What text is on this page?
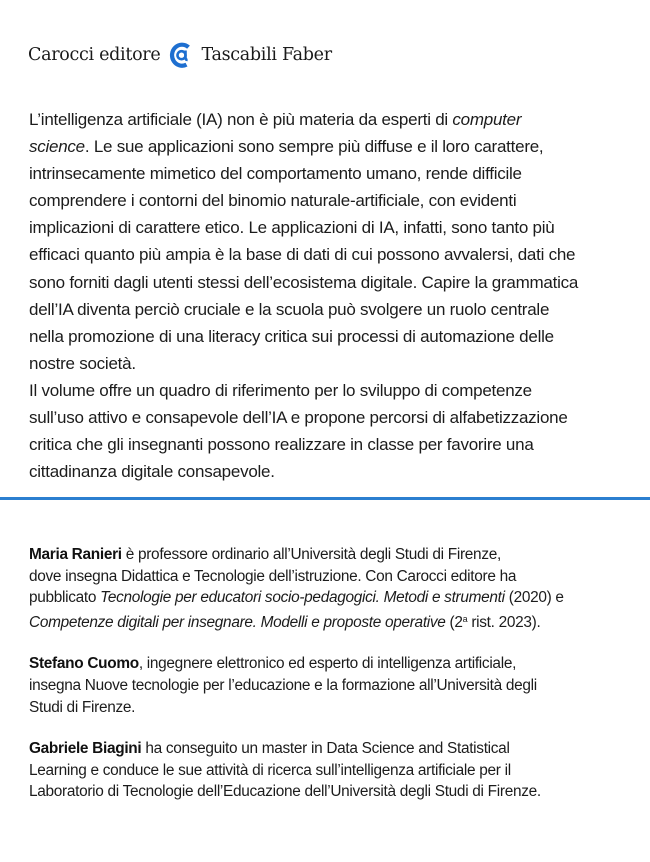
Carocci editore Tascabili Faber

L’intelligenza artificiale (IA) non è più materia da esperti di computer
science. Le sue applicazioni sono sempre più diffuse e il loro carattere,
intrinsecamente mimetico del comportamento umano, rende difficile
comprendere i contorni del binomio naturale-artificiale, con evidenti
implicazioni di carattere etico. Le applicazioni di IA, infatti, sono tanto più
efficaci quanto più ampia è la base di dati di cui possono avvalersi, dati che
sono forniti dagli utenti stessi dell’ecosistema digitale. Capire la grammatica
dell’IA diventa perciò cruciale e la scuola può svolgere un ruolo centrale
nella promozione di una literacy critica sui processi di automazione delle
nostre società.
Il volume offre un quadro di riferimento per lo sviluppo di competenze
sull’uso attivo e consapevole dell’IA e propone percorsi di alfabetizzazione
critica che gli insegnanti possono realizzare in classe per favorire una
cittadinanza digitale consapevole.

Maria Ranieri è professore ordinario all’Università degli Studi di Firenze,
dove insegna Didattica e Tecnologie dell’istruzione. Con Carocci editore ha
pubblicato Tecnologie per educatori socio-pedagogici. Metodi e strumenti (2020) e
Competenze digitali per insegnare. Modelli e proposte operative (2$^a$ rist. 2023).
Stefano Cuomo, ingegnere elettronico ed esperto di intelligenza artificiale,
insegna Nuove tecnologie per l’educazione e la formazione all’Università degli
Studi di Firenze.
Gabriele Biagini ha conseguito un master in Data Science and Statistical
Learning e conduce le sue attività di ricerca sull’intelligenza artificiale per il
Laboratorio di Tecnologie dell’Educazione dell’Università degli Studi di Firenze.
